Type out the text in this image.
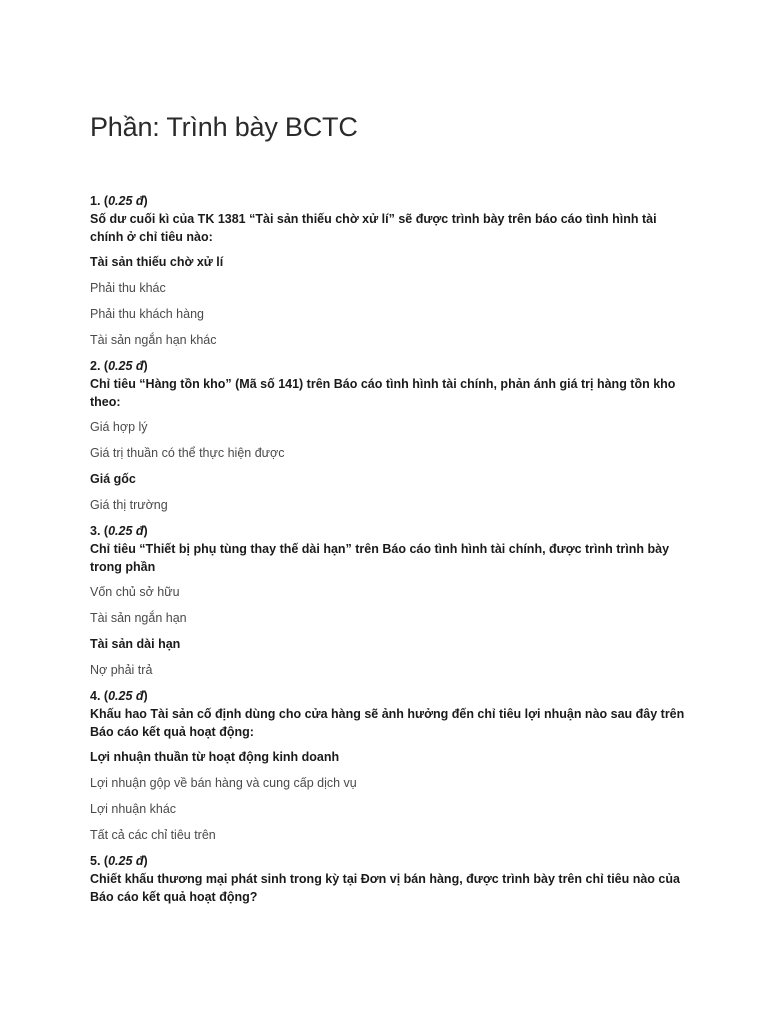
Phần: Trình bày BCTC
1. (0.25 đ)
Số dư cuối kì của TK 1381 “Tài sản thiếu chờ xử lí” sẽ được trình bày trên báo cáo tình hình tài chính ở chỉ tiêu nào:
Tài sản thiếu chờ xử lí
Phải thu khác
Phải thu khách hàng
Tài sản ngắn hạn khác
2. (0.25 đ)
Chỉ tiêu “Hàng tồn kho” (Mã số 141) trên Báo cáo tình hình tài chính, phản ánh giá trị hàng tồn kho theo:
Giá hợp lý
Giá trị thuần có thể thực hiện được
Giá gốc
Giá thị trường
3. (0.25 đ)
Chỉ tiêu “Thiết bị phụ tùng thay thế dài hạn” trên Báo cáo tình hình tài chính, được trình trình bày trong phần
Vốn chủ sở hữu
Tài sản ngắn hạn
Tài sản dài hạn
Nợ phải trả
4. (0.25 đ)
Khấu hao Tài sản cố định dùng cho cửa hàng sẽ ảnh hưởng đến chỉ tiêu lợi nhuận nào sau đây trên Báo cáo kết quả hoạt động:
Lợi nhuận thuần từ hoạt động kinh doanh
Lợi nhuận gộp về bán hàng và cung cấp dịch vụ
Lợi nhuận khác
Tất cả các chỉ tiêu trên
5. (0.25 đ)
Chiết khấu thương mại phát sinh trong kỳ tại Đơn vị bán hàng, được trình bày trên chỉ tiêu nào của Báo cáo kết quả hoạt động?
